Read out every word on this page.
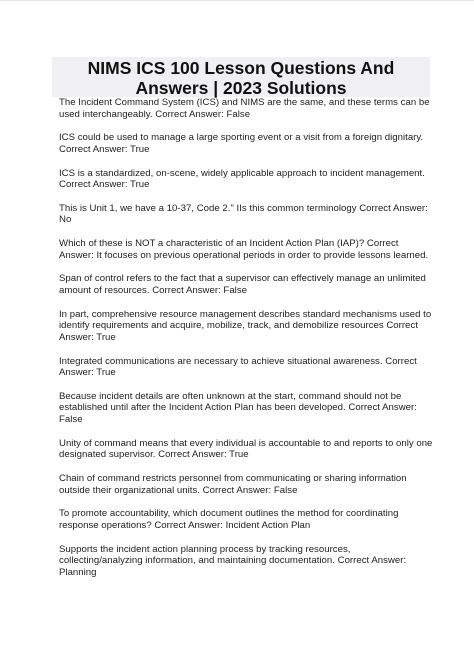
NIMS ICS 100 Lesson Questions And
Answers | 2023 Solutions
The Incident Command System (ICS) and NIMS are the same, and these terms can be
used interchangeably. Correct Answer: False
ICS could be used to manage a large sporting event or a visit from a foreign dignitary.
Correct Answer: True
ICS is a standardized, on-scene, widely applicable approach to incident management.
Correct Answer: True
This is Unit 1, we have a 10-37, Code 2." IIs this common terminology Correct Answer:
No
Which of these is NOT a characteristic of an Incident Action Plan (IAP)? Correct
Answer: It focuses on previous operational periods in order to provide lessons learned.
Span of control refers to the fact that a supervisor can effectively manage an unlimited
amount of resources. Correct Answer: False
In part, comprehensive resource management describes standard mechanisms used to
identify requirements and acquire, mobilize, track, and demobilize resources Correct
Answer: True
Integrated communications are necessary to achieve situational awareness. Correct
Answer: True
Because incident details are often unknown at the start, command should not be
established until after the Incident Action Plan has been developed. Correct Answer:
False
Unity of command means that every individual is accountable to and reports to only one
designated supervisor. Correct Answer: True
Chain of command restricts personnel from communicating or sharing information
outside their organizational units. Correct Answer: False
To promote accountability, which document outlines the method for coordinating
response operations? Correct Answer: Incident Action Plan
Supports the incident action planning process by tracking resources,
collecting/analyzing information, and maintaining documentation. Correct Answer:
Planning
